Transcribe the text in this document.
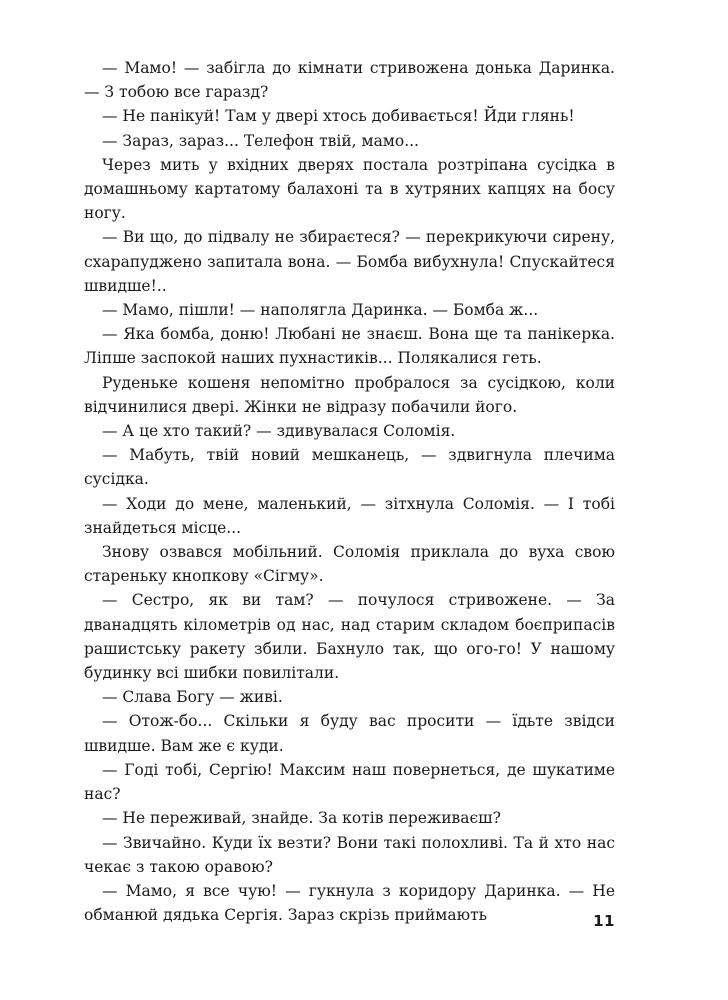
— Мамо! — забігла до кімнати стривожена донька Даринка. — З тобою все гаразд?

— Не панікуй! Там у двері хтось добивається! Йди глянь!

— Зараз, зараз... Телефон твій, мамо...

Через мить у вхідних дверях постала розтріпана сусідка в домашньому картатому балахоні та в хутряних капцях на босу ногу.

— Ви що, до підвалу не збираєтеся? — перекрикуючи сирену, схарапуджено запитала вона. — Бомба вибухнула! Спускайтеся швидше!..

— Мамо, пішли! — наполягла Даринка. — Бомба ж...

— Яка бомба, доню! Любані не знаєш. Вона ще та панікерка. Ліпше заспокой наших пухнастиків... Полякалися геть.

Руденьке кошеня непомітно пробралося за сусідкою, коли відчинилися двері. Жінки не відразу побачили його.

— А це хто такий? — здивувалася Соломія.

— Мабуть, твій новий мешканець, — здвигнула плечима сусідка.

— Ходи до мене, маленький, — зітхнула Соломія. — І тобі знайдеться місце...

Знову озвався мобільний. Соломія приклала до вуха свою стареньку кнопкову «Сігму».

— Сестро, як ви там? — почулося стривожене. — За дванадцять кілометрів од нас, над старим складом боєприпасів рашистську ракету збили. Бахнуло так, що ого-го! У нашому будинку всі шибки повилітали.

— Слава Богу — живі.

— Отож-бо... Скільки я буду вас просити — їдьте звідси швидше. Вам же є куди.

— Годі тобі, Сергію! Максим наш повернеться, де шукатиме нас?

— Не переживай, знайде. За котів переживаєш?

— Звичайно. Куди їх везти? Вони такі полохливі. Та й хто нас чекає з такою оравою?

— Мамо, я все чую! — гукнула з коридору Даринка. — Не обманюй дядька Сергія. Зараз скрізь приймають	11
